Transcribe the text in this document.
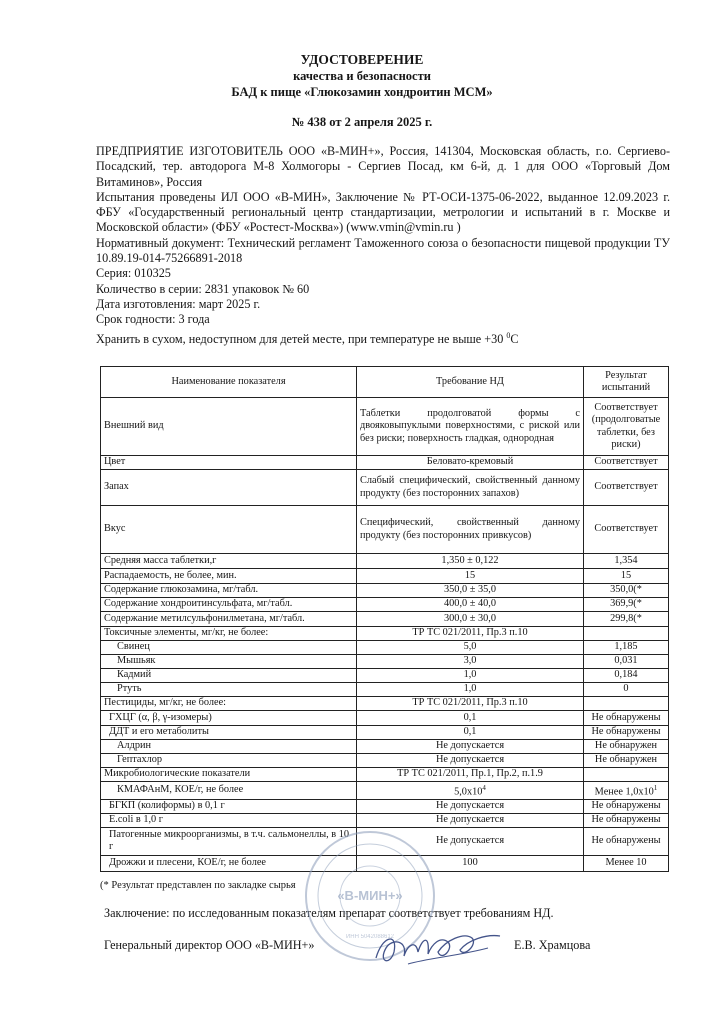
УДОСТОВЕРЕНИЕ
качества и безопасности
БАД к пище «Глюкозамин хондроитин МСМ»
№ 438 от 2 апреля 2025 г.

ПРЕДПРИЯТИЕ ИЗГОТОВИТЕЛЬ ООО «В-МИН+», Россия, 141304, Московская область, г.о. Сергиево-Посадский, тер. автодорога М-8 Холмогоры - Сергиев Посад, км 6-й, д. 1 для ООО «Торговый Дом Витаминов», Россия

Испытания проведены ИЛ ООО «В-МИН», Заключение № РТ-ОСИ-1375-06-2022, выданное 12.09.2023 г. ФБУ «Государственный региональный центр стандартизации, метрологии и испытаний в г. Москве и Московской области» (ФБУ «Ростест-Москва») (www.vmin@vmin.ru )

Нормативный документ: Технический регламент Таможенного союза о безопасности пищевой продукции ТУ 10.89.19-014-75266891-2018

Серия: 010325

Количество в серии: 2831 упаковок № 60

Дата изготовления: март 2025 г.

Срок годности: 3 года

Хранить в сухом, недоступном для детей месте, при температуре не выше +30 $^0$С

Наименование показателя	Требование НД	Результат испытаний
Внешний вид	Таблетки продолговатой формы с двояковыпуклыми поверхностями, с риской или без риски; поверхность гладкая, однородная	Соответствует (продолговатые таблетки, без риски)
Цвет	Беловато-кремовый	Соответствует
Запах	Слабый специфический, свойственный данному продукту (без посторонних запахов)	Соответствует
Вкус	Специфический, свойственный данному продукту (без посторонних привкусов)	Соответствует
Средняя масса таблетки,г	1,350 ± 0,122	1,354
Распадаемость, не более, мин.	15	15
Содержание глюкозамина, мг/табл.	350,0 ± 35,0	350,0(*
Содержание хондроитинсульфата, мг/табл.	400,0 ± 40,0	369,9(*
Содержание метилсульфонилметана, мг/табл.	300,0 ± 30,0	299,8(*
Токсичные элементы, мг/кг, не более:	ТР ТС 021/2011, Пр.3 п.10	
Свинец	5,0	1,185
Мышьяк	3,0	0,031
Кадмий	1,0	0,184
Ртуть	1,0	0
Пестициды, мг/кг, не более:	ТР ТС 021/2011, Пр.3 п.10	
ГХЦГ (α, β, γ-изомеры)	0,1	Не обнаружены
ДДТ и его метаболиты	0,1	Не обнаружены
Алдрин	Не допускается	Не обнаружен
Гептахлор	Не допускается	Не обнаружен
Микробиологические показатели	ТР ТС 021/2011, Пр.1, Пр.2, п.1.9	
КМАФАнМ, КОЕ/г, не более	$5,0x10^4$	Менее $1,0x10^1$
БГКП (колиформы) в 0,1 г	Не допускается	Не обнаружены
E.coli в 1,0 г	Не допускается	Не обнаружены
Патогенные микроорганизмы, в т.ч. сальмонеллы, в 10 г	Не допускается	Не обнаружены
Дрожжи и плесени, КОЕ/г, не более	100	Менее 10
(* Результат представлен по закладке сырья
Заключение: по исследованным показателям препарат соответствует требованиям НД.
Генеральный директор ООО «В-МИН+»	Е.В. Храмцова
«В-МИН+»
ИНН 5042088612
